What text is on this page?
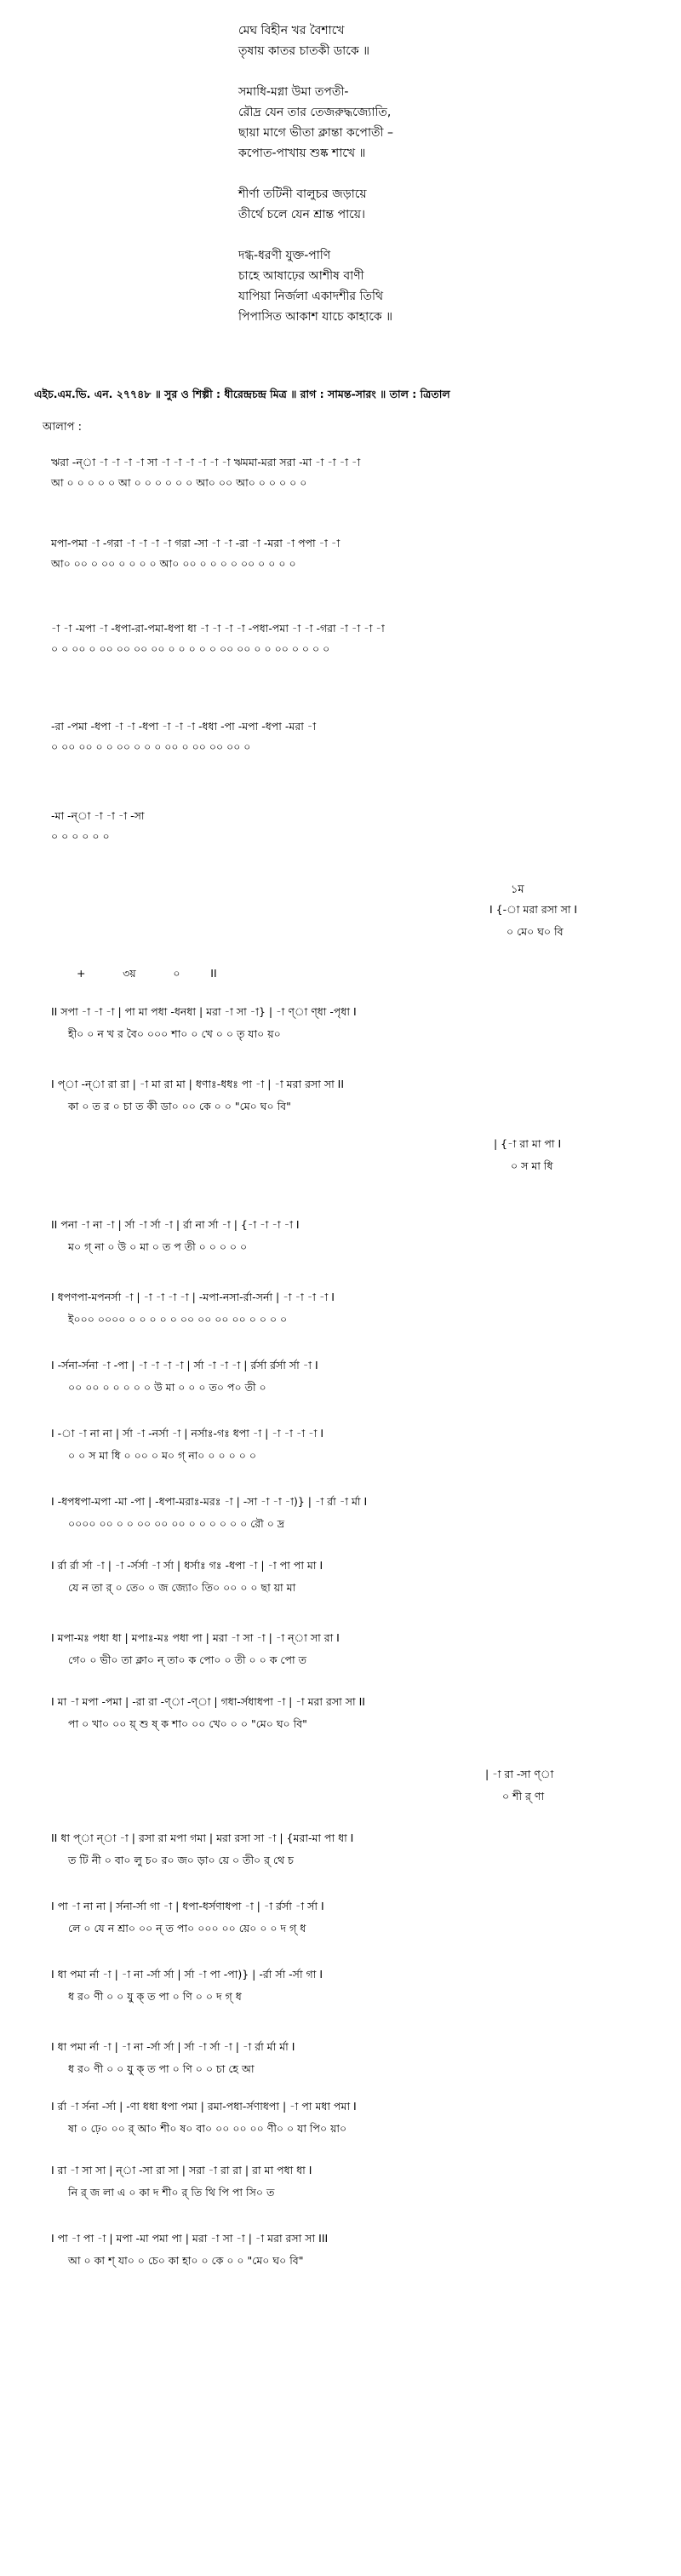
মেঘ বিহীন খর বৈশাখে
তৃষায় কাতর চাতকী ডাকে ॥
সমাধি-মগ্না উমা তপতী-
রৌদ্র যেন তার তেজরুদ্ধজ্যোতি,
ছায়া মাগে ভীতা ক্লান্তা কপোতী –
কপোত-পাখায় শুষ্ক শাখে ॥
শীর্ণা তটিনী বালুচর জড়ায়ে
তীর্থে চলে যেন শ্রান্ত পায়ে।
দগ্ধ-ধরণী যুক্ত-পাণি
চাহে আষাঢ়ের আশীষ বাণী
যাপিয়া নির্জলা একাদশীর তিথি
পিপাসিত আকাশ যাচে কাহাকে ॥
এইচ.এম.ভি. এন. ২৭৭৪৮ ॥ সুর ও শিল্পী : ধীরেন্দ্রচন্দ্র মিত্র ॥ রাগ : সামন্ত-সারং ॥ তাল : ত্রিতাল
আলাপ :
১ম
ঋরা -ন্‌া -া -া -া -া সা -া -া -া -া -া -া ঋমমা-মরা সরা -মা -া -া -া -া
আ ০ ০ ০ ০ ০ আ ০ ০ ০ ০ ০ ০ আ০ ০০ আ০ ০ ০ ০ ০ ০
মপা-পমা -া -গরা -া -া -া -া গরা -সা -া -া -রা -া -মরা -া পপা -া -া
আ০ ০০ ০ ০০ ০ ০ ০ ০ আ০ ০০ ০ ০ ০ ০ ০০ ০ ০ ০ ০
-া -া -মপা -া -ধপা-রা-পমা-ধপা ধা -া -া -া -া -পধা-পমা -া -া -গরা -া -া -া -া
০ ০ ০০ ০ ০০ ০০ ০০ ০০ ০ ০ ০ ০ ০ ০০ ০০ ০ ০ ০০ ০ ০ ০ ০
-রা -পমা -ধপা -া -া -ধপা -া -া -া -ধধা -পা -মপা -ধপা -মরা -া
০ ০০ ০০ ০ ০ ০০ ০ ০ ০ ০০ ০ ০০ ০০ ০০ ০
-মা -ন্‌া -া -া -া -সা
০ ০ ০ ০ ০ ০
I {-া মরা রসা সা I
০ মে০ ঘ০ বি
+           ৩য়           ০         II
II সপা -া -া -া | পা মা পধা -ধনধা | মরা -া সা -া} | -া ণ্‌া ণ্‌ধা -পৃধা I
হী০ ০ ন খ র বৈ০ ০০০ শা০ ০ খে ০ ০ তৃ যা০ য়০
I প্‌া -ন্‌া রা রা | -া মা রা মা | ধণাঃ-ধধঃ পা -া | -া মরা রসা সা II
কা ০ ত র ০ চা ত কী ডা০ ০০ কে ০ ০ "মে০ ঘ০ বি"
| {-া রা মা পা I
০ স মা ধি
II পনা -া না -া | র্সা -া র্সা -া | র্রা না র্সা -া | {-া -া -া -া I
ম০ গ্‌ না ০ উ ০ মা ০ ত প তী ০ ০ ০ ০ ০
I ধপণপা-মপনর্সা -া | -া -া -া -া | -মপা-নসা-র্রা-সর্না | -া -া -া -া I
ই০০০ ০০০০ ০ ০ ০ ০ ০ ০০ ০০ ০০ ০০ ০ ০ ০ ০
I -র্সনা-র্সনা -া -পা | -া -া -া -া | র্সা -া -া -া | র্রর্সা র্রর্সা র্সা -া I
০০ ০০ ০ ০ ০ ০ ০ উ মা ০ ০ ০ ত০ প০ তী ০
I -া -া না না | র্সা -া -নর্সা -া | নর্সাঃ-গঃ ধপা -া | -া -া -া -া I
০ ০ স মা ধি ০ ০০ ০ ম০ গ্‌ না০ ০ ০ ০ ০ ০
I -ধপধপা-মপা -মা -পা | -ধপা-মরাঃ-মরঃ -া | -সা -া -া -া)} | -া র্রা -া র্মা I
০০০০ ০০ ০ ০ ০০ ০০ ০০ ০ ০ ০ ০ ০ ০ রৌ ০ দ্র
I র্রা র্রা র্সা -া | -া -র্সর্সা -া র্সা | ধর্সাঃ গঃ -ধপা -া | -া পা পা মা I
যে ন তা র্‌ ০ তে০ ০ জ জ্যো০ তি০ ০০ ০ ০ ছা য়া মা
I মপা-মঃ পধা ধা | মপাঃ-মঃ পধা পা | মরা -া সা -া | -া ন্‌া সা রা I
গে০ ০ ভী০ তা ক্লা০ ন্‌ তা০ ক পো০ ০ তী ০ ০ ক পো ত
I মা -া মপা -পমা | -রা রা -ণ্‌া -ণ্‌া | গধা-র্সধাধপা -া | -া মরা রসা সা II
পা ০ খা০ ০০ য়্‌ শু ষ্‌ ক শা০ ০০ খে০ ০ ০ "মে০ ঘ০ বি"
| -া রা -সা ণ্‌া
০ শী র্‌ ণা
II ধা প্‌া ন্‌া -া | রসা রা মপা গমা | মরা রসা সা -া | {মরা-মা পা ধা I
ত টি নী ০ বা০ লু চ০ র০ জ০ ড়া০ য়ে ০ তী০ র্‌ থে চ
I পা -া না না | র্সনা-র্সা গা -া | ধপা-ধর্সণাধপা -া | -া র্রর্সা -া র্সা I
লে ০ যে ন শ্রা০ ০০ ন্‌ ত পা০ ০০০ ০০ য়ে০ ০ ০ দ গ্‌ ধ
I ধা পমা র্না -া | -া না -র্সা র্সা | র্সা -া পা -পা)} | -র্রা র্সা -র্সা গা I
ধ র০ ণী ০ ০ যু ক্‌ ত পা ০ ণি ০ ০ দ গ্‌ ধ
I ধা পমা র্না -া | -া না -র্সা র্সা | র্সা -া র্সা -া | -া র্রা র্মা র্মা I
ধ র০ ণী ০ ০ যু ক্‌ ত পা ০ ণি ০ ০ চা হে আ
I র্রা -া র্সনা -র্সা | -ণা ধধা ধপা পমা | রমা-পধা-র্সণাধপা | -া পা মধা পমা I
ষা ০ ঢ়ে০ ০০ র্‌ আ০ শী০ ষ০ বা০ ০০ ০০ ০০ ণী০ ০ যা পি০ য়া০
I রা -া সা সা | ন্‌া -সা রা সা | সরা -া রা রা | রা মা পধা ধা I
নি র্‌ জ লা এ ০ কা দ শী০ র্‌ তি থি পি পা সি০ ত
I পা -া পা -া | মপা -মা পমা পা | মরা -া সা -া | -া মরা রসা সা III
আ ০ কা শ্‌ যা০ ০ চে০ কা হা০ ০ কে ০ ০ "মে০ ঘ০ বি"
